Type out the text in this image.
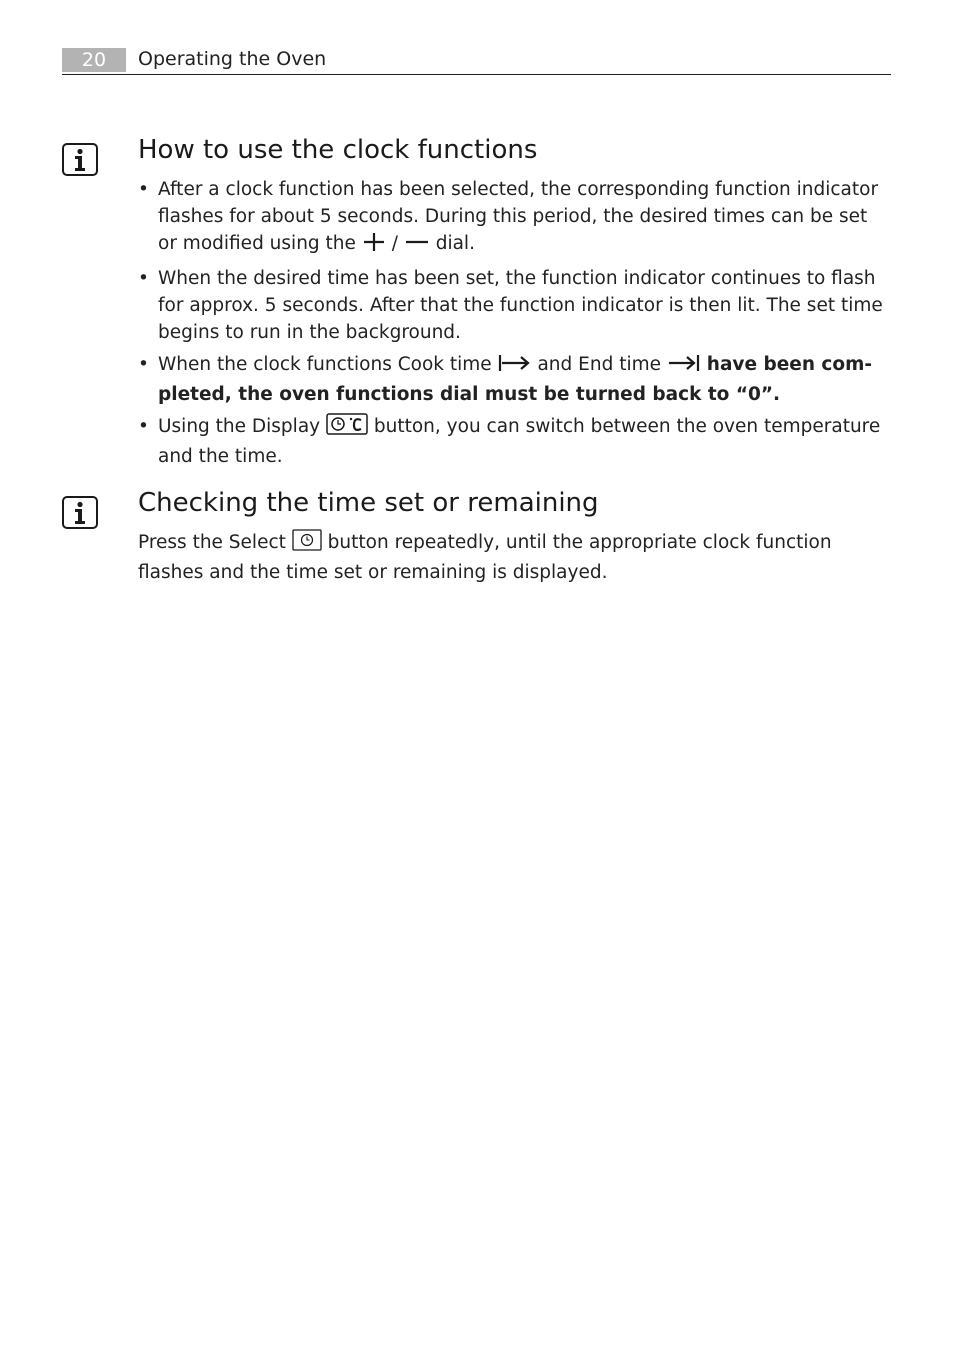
20	Operating the Oven
How to use the clock functions
• After a clock function has been selected, the corresponding function indicator flashes for about 5 seconds. During this period, the desired times can be set or modified using the / dial.
• When the desired time has been set, the function indicator continues to flash for approx. 5 seconds. After that the function indicator is then lit. The set time begins to run in the background.
• When the clock functions Cook time and End time have been com-pleted, the oven functions dial must be turned back to “0”.
• Using the Display	button, you can switch between the oven temperature and the time.
Checking the time set or remaining

Press the Select button repeatedly, until the appropriate clock function flashes and the time set or remaining is displayed.
